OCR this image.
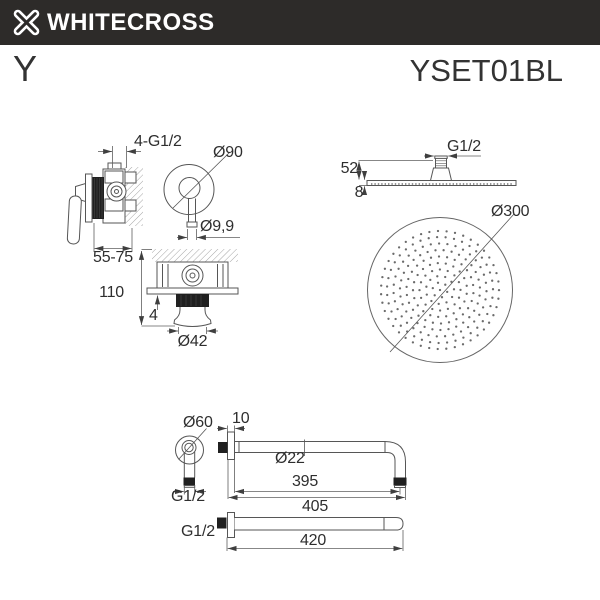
WHITECROSS
Y	YSET01BL
4-G1/2
Ø90
Ø9,9
55-75
110
4
Ø42
G1/2
52
8
Ø300
Ø60 10
Ø22
395
405
G1/2
G1/2
420
